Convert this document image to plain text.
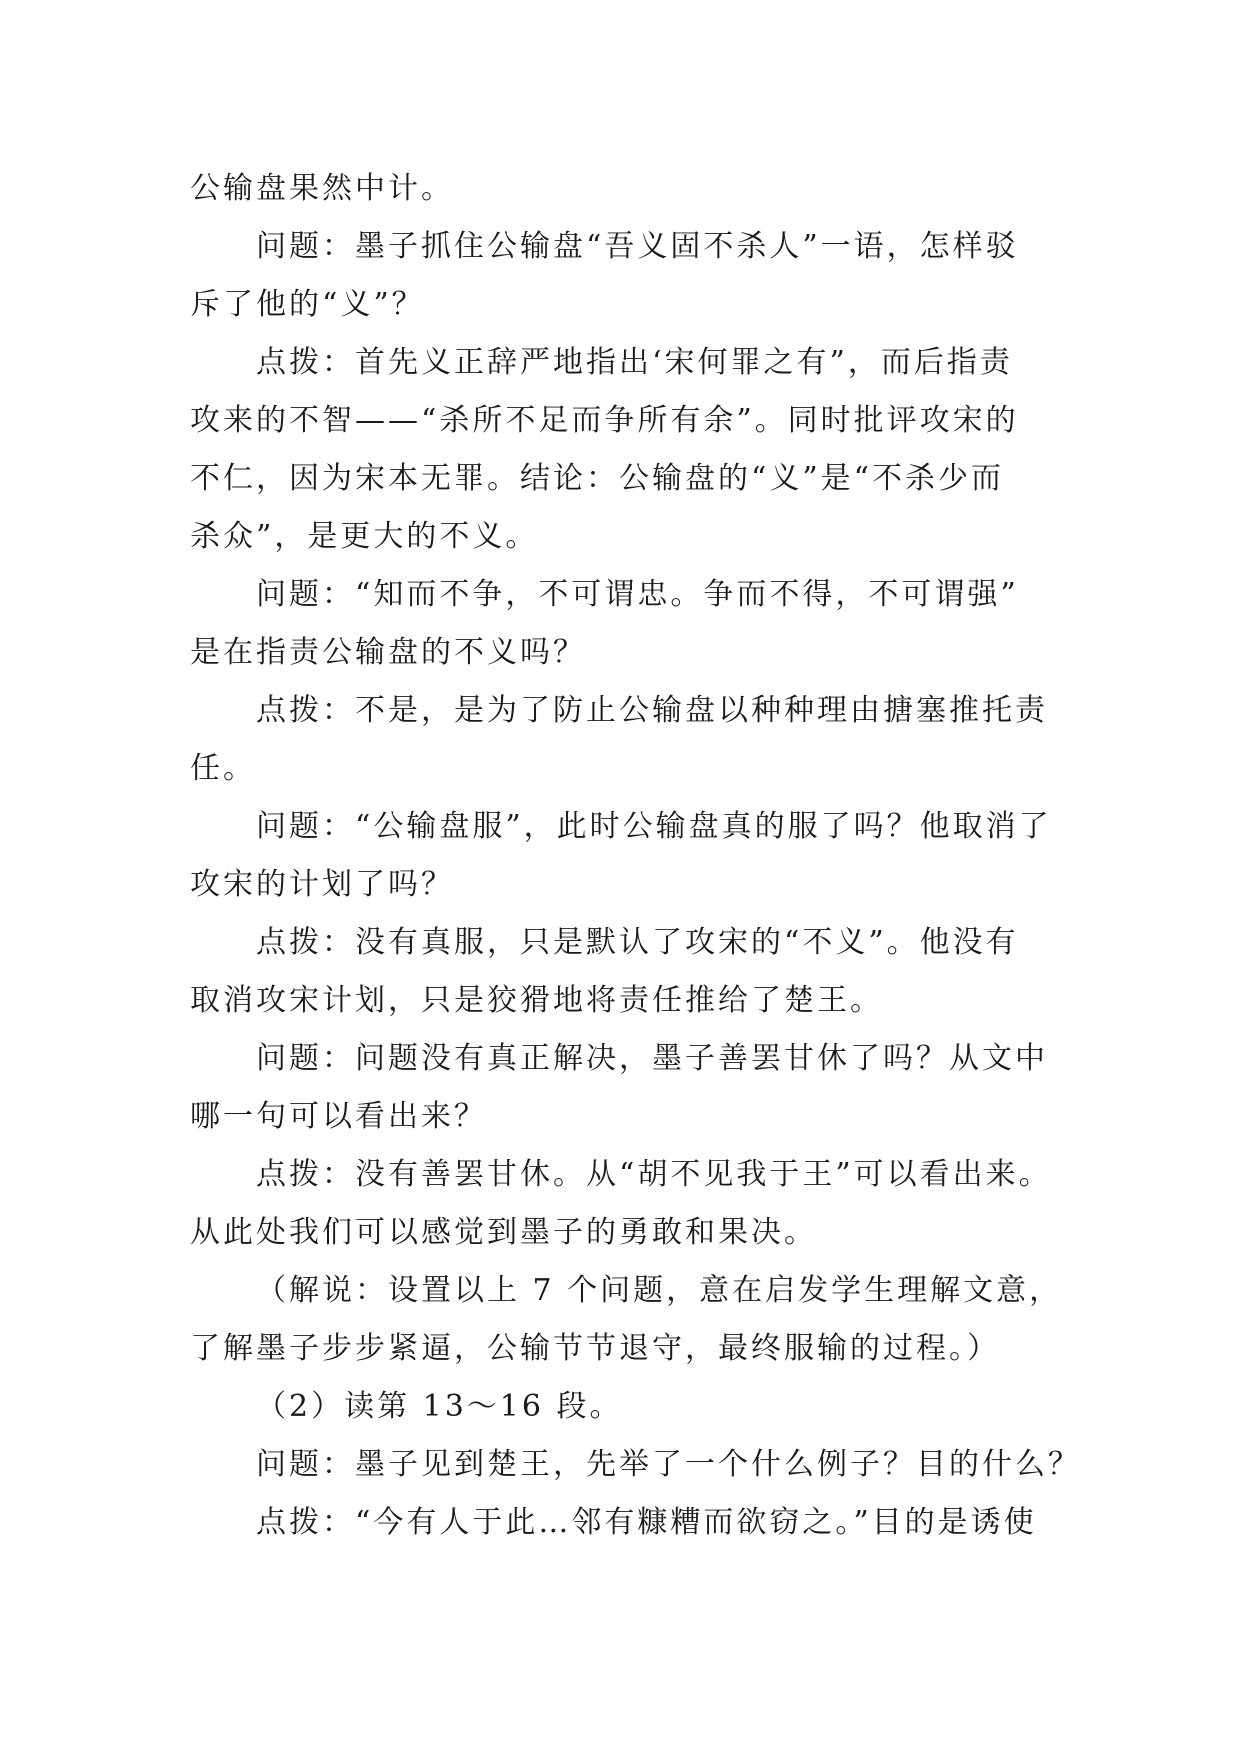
公输盘果然中计。
问题：墨子抓住公输盘“吾义固不杀人”一语，怎样驳
斥了他的“义”？
点拨：首先义正辞严地指出‘宋何罪之有”，而后指责
攻来的不智——“杀所不足而争所有余”。同时批评攻宋的
不仁，因为宋本无罪。结论：公输盘的“义”是“不杀少而
杀众”，是更大的不义。
问题：“知而不争，不可谓忠。争而不得，不可谓强”
是在指责公输盘的不义吗？
点拨：不是，是为了防止公输盘以种种理由搪塞推托责
任。
问题：“公输盘服”，此时公输盘真的服了吗？他取消了
攻宋的计划了吗？
点拨：没有真服，只是默认了攻宋的“不义”。他没有
取消攻宋计划，只是狡猾地将责任推给了楚王。
问题：问题没有真正解决，墨子善罢甘休了吗？从文中
哪一句可以看出来？
点拨：没有善罢甘休。从“胡不见我于王”可以看出来。
从此处我们可以感觉到墨子的勇敢和果决。
（解说：设置以上 7 个问题，意在启发学生理解文意，
了解墨子步步紧逼，公输节节退守，最终服输的过程。）
（2）读第 13～16 段。
问题：墨子见到楚王，先举了一个什么例子？目的什么？
点拨：“今有人于此…邻有糠糟而欲窃之。”目的是诱使
